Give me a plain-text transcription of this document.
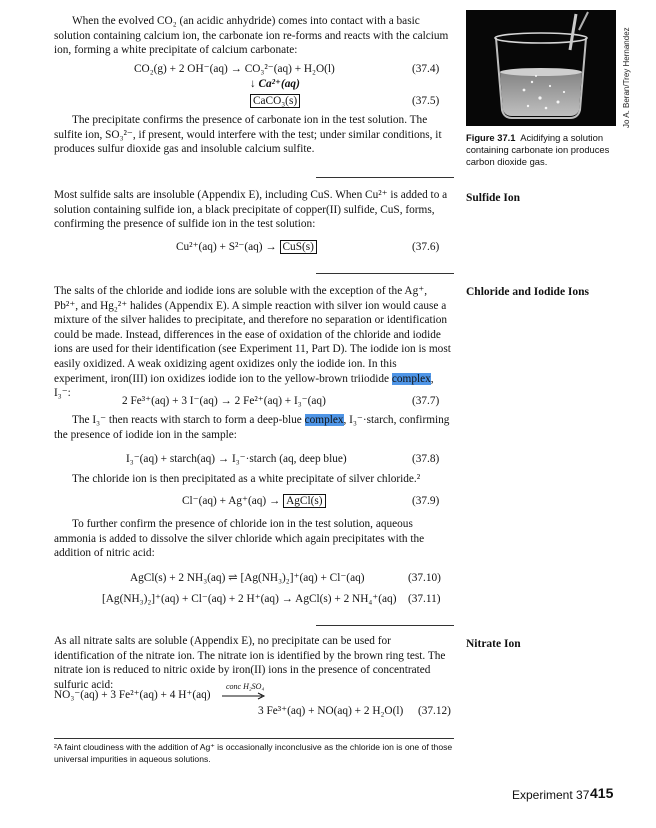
When the evolved CO₂ (an acidic anhydride) comes into contact with a basic solution containing calcium ion, the carbonate ion re-forms and reacts with the calcium ion, forming a white precipitate of calcium carbonate:

CO₂(g) + 2 OH⁻(aq) → CO₃²⁻(aq) + H₂O(l)	(37.4)
↓ Ca²⁺(aq)
CaCO₃(s)	(37.5)

The precipitate confirms the presence of carbonate ion in the test solution. The sulfite ion, SO₃²⁻, if present, would interfere with the test; under similar conditions, it produces sulfur dioxide gas and insoluble calcium sulfite.

Jo A. Beran/Trey Hernandez
Figure 37.1 Acidifying a solution containing carbonate ion produces carbon dioxide gas.

Most sulfide salts are insoluble (Appendix E), including CuS. When Cu²⁺ is added to a solution containing sulfide ion, a black precipitate of copper(II) sulfide, CuS, forms, confirming the presence of sulfide ion in the test solution:

Sulfide Ion
Cu²⁺(aq) + S²⁻(aq) → CuS(s)	(37.6)

The salts of the chloride and iodide ions are soluble with the exception of the Ag⁺, Pb²⁺, and Hg₂²⁺ halides (Appendix E). A simple reaction with silver ion would cause a mixture of the silver halides to precipitate, and therefore no separation or identification could be made. Instead, differences in the ease of oxidation of the chloride and iodide ions are used for their identification (see Experiment 11, Part D). The iodide ion is most easily oxidized. A weak oxidizing agent oxidizes only the iodide ion. In this experiment, iron(III) ion oxidizes iodide ion to the yellow-brown triiodide complex, I₃⁻:

Chloride and Iodide Ions
2 Fe³⁺(aq) + 3 I⁻(aq) → 2 Fe²⁺(aq) + I₃⁻(aq)	(37.7)

The I₃⁻ then reacts with starch to form a deep-blue complex, I₃⁻·starch, confirming the presence of iodide ion in the sample:

I₃⁻(aq) + starch(aq) → I₃⁻·starch (aq, deep blue)	(37.8)

The chloride ion is then precipitated as a white precipitate of silver chloride.²

Cl⁻(aq) + Ag⁺(aq) → AgCl(s)	(37.9)

To further confirm the presence of chloride ion in the test solution, aqueous ammonia is added to dissolve the silver chloride which again precipitates with the addition of nitric acid:

AgCl(s) + 2 NH₃(aq) ⇌ [Ag(NH₃)₂]⁺(aq) + Cl⁻(aq)	(37.10)
[Ag(NH₃)₂]⁺(aq) + Cl⁻(aq) + 2 H⁺(aq) → AgCl(s) + 2 NH₄⁺(aq) (37.11)

As all nitrate salts are soluble (Appendix E), no precipitate can be used for identification of the nitrate ion. The nitrate ion is identified by the brown ring test. The nitrate ion is reduced to nitric oxide by iron(II) ions in the presence of concentrated sulfuric acid:

Nitrate Ion
NO₃⁻(aq) + 3 Fe²⁺(aq) + 4 H⁺(aq)
conc H₂SO₄
3 Fe³⁺(aq) + NO(aq) + 2 H₂O(l) (37.12)

²A faint cloudiness with the addition of Ag⁺ is occasionally inconclusive as the chloride ion is one of those universal impurities in aqueous solutions.

Experiment 37 415
